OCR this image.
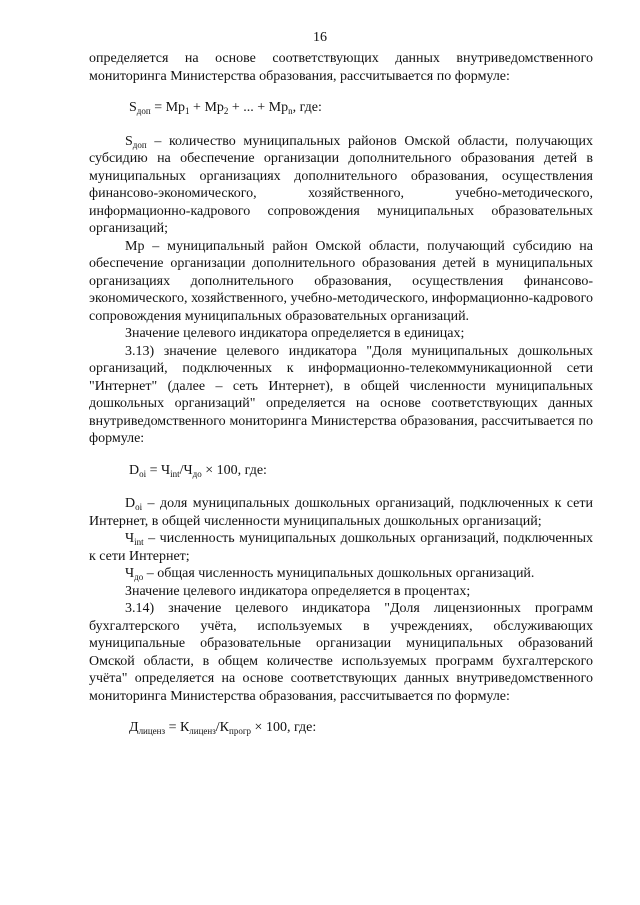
16

определяется на основе соответствующих данных внутриведомственного мониторинга Министерства образования, рассчитывается по формуле:

$S_{доп} = Мр_1 + Мр_2$ + ... + $Мр_n$, где:

$S_{доп}$ – количество муниципальных районов Омской области, получающих субсидию на обеспечение организации дополнительного образования детей в муниципальных организациях дополнительного образования, осуществления финансово-экономического, хозяйственного, учебно-методического, информационно-кадрового сопровождения муниципальных образовательных организаций;

Мр – муниципальный район Омской области, получающий субсидию на обеспечение организации дополнительного образования детей в муниципальных организациях дополнительного образования, осуществления финансово-экономического, хозяйственного, учебно-методического, информационно-кадрового сопровождения муниципальных образовательных организаций.

Значение целевого индикатора определяется в единицах;

3.13) значение целевого индикатора "Доля муниципальных дошкольных организаций, подключенных к информационно-телекоммуникационной сети "Интернет" (далее – сеть Интернет), в общей численности муниципальных дошкольных организаций" определяется на основе соответствующих данных внутриведомственного мониторинга Министерства образования, рассчитывается по формуле:

$D_{oi} = Ч_{int}/Ч_{до} \times 100$, где:

$D_{oi}$ – доля муниципальных дошкольных организаций, подключенных к сети Интернет, в общей численности муниципальных дошкольных организаций;

$Ч_{int}$ – численность муниципальных дошкольных организаций, подключенных к сети Интернет;

$Ч_{до}$ – общая численность муниципальных дошкольных организаций.

Значение целевого индикатора определяется в процентах;

3.14) значение целевого индикатора "Доля лицензионных программ бухгалтерского учёта, используемых в учреждениях, обслуживающих муниципальные образовательные организации муниципальных образований Омской области, в общем количестве используемых программ бухгалтерского учёта" определяется на основе соответствующих данных внутриведомственного мониторинга Министерства образования, рассчитывается по формуле:

$Д_{лиценз} = К_{лиценз}/К_{прогр} \times 100$, где:
